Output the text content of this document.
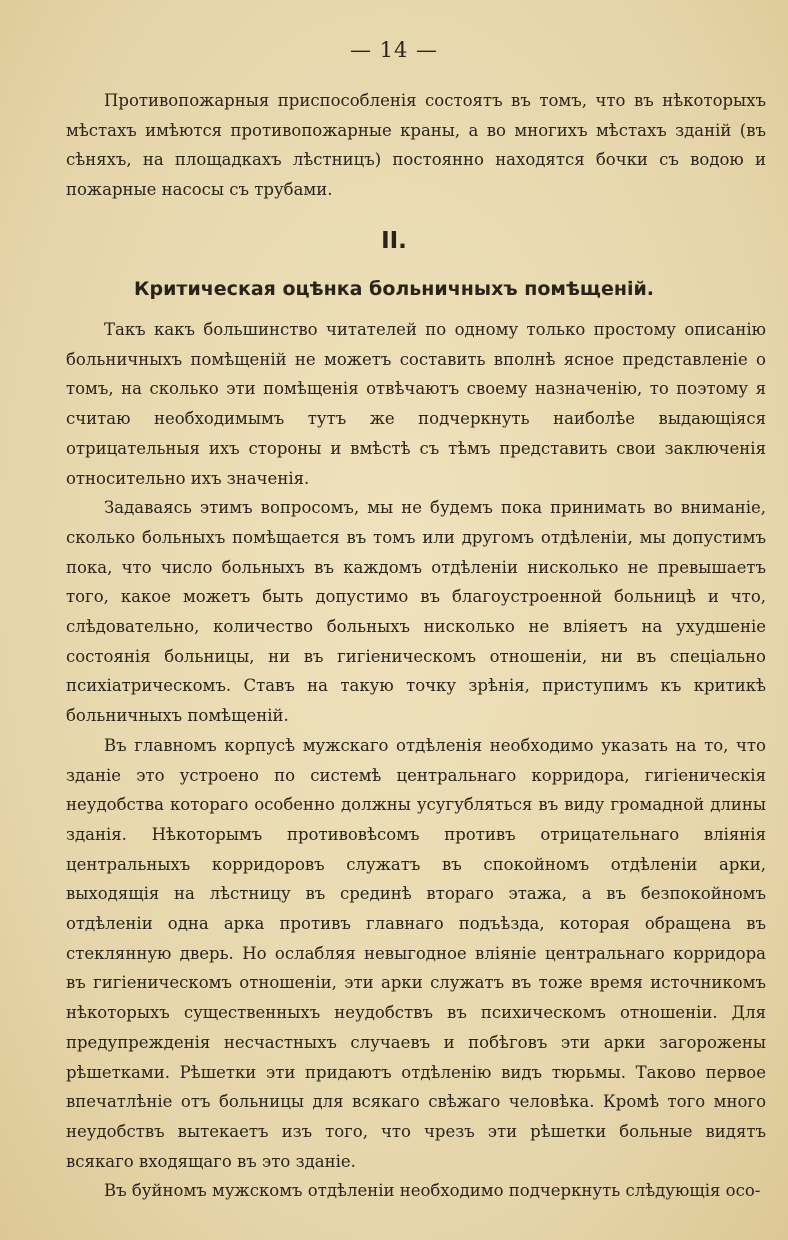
— 14 —

Противопожарныя приспособленія состоятъ въ томъ, что въ нѣкоторыхъ мѣстахъ имѣются противопожарные краны, а во многихъ мѣстахъ зданій (въ сѣняхъ, на площадкахъ лѣстницъ) постоянно находятся бочки съ водою и пожарные насосы съ трубами.

II.
Критическая оцѣнка больничныхъ помѣщеній.

Такъ какъ большинство читателей по одному только простому описанію больничныхъ помѣщеній не можетъ составить вполнѣ ясное представленіе о томъ, на сколько эти помѣщенія отвѣчаютъ своему назначенію, то поэтому я считаю необходимымъ тутъ же подчеркнуть наиболѣе выдающіяся отрицательныя ихъ стороны и вмѣстѣ съ тѣмъ представить свои заключенія относительно ихъ значенія.

Задаваясь этимъ вопросомъ, мы не будемъ пока принимать во вниманіе, сколько больныхъ помѣщается въ томъ или другомъ отдѣленіи, мы допустимъ пока, что число больныхъ въ каждомъ отдѣленіи нисколько не превышаетъ того, какое можетъ быть допустимо въ благоустроенной больницѣ и что, слѣдовательно, количество больныхъ нисколько не вліяетъ на ухудшеніе состоянія больницы, ни въ гигіеническомъ отношеніи, ни въ спеціально психіатрическомъ. Ставъ на такую точку зрѣнія, приступимъ къ критикѣ больничныхъ помѣщеній.

Въ главномъ корпусѣ мужскаго отдѣленія необходимо указать на то, что зданіе это устроено по системѣ центральнаго корридора, гигіеническія неудобства котораго особенно должны усугубляться въ виду громадной длины зданія. Нѣкоторымъ противовѣсомъ противъ отрицательнаго вліянія центральныхъ корридоровъ служатъ въ спокойномъ отдѣленіи арки, выходящія на лѣстницу въ срединѣ втораго этажа, а въ безпокойномъ отдѣленіи одна арка противъ главнаго подъѣзда, которая обращена въ стеклянную дверь. Но ослабляя невыгодное вліяніе центральнаго корридора въ гигіеническомъ отношеніи, эти арки служатъ въ тоже время источникомъ нѣкоторыхъ существенныхъ неудобствъ въ психическомъ отношеніи. Для предупрежденія несчастныхъ случаевъ и побѣговъ эти арки загорожены рѣшетками. Рѣшетки эти придаютъ отдѣленію видъ тюрьмы. Таково первое впечатлѣніе отъ больницы для всякаго свѣжаго человѣка. Кромѣ того много неудобствъ вытекаетъ изъ того, что чрезъ эти рѣшетки больные видятъ всякаго входящаго въ это зданіе.

Въ буйномъ мужскомъ отдѣленіи необходимо подчеркнуть слѣдующія осо-
